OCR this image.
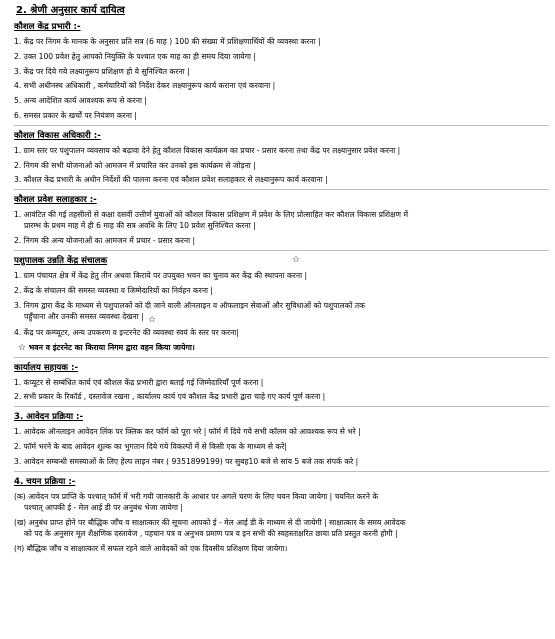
2. श्रेणी अनुसार कार्य दायित्व
कौशल केंद्र प्रभारी :-
1. केंद्र पर निगम के मानक के अनुसार प्रति सत्र (6 माह ) 100 की संख्या में प्रशिक्षणार्थियों की व्यवस्था करना |
2. उक्त 100 प्रवेश हेतु आपको नियुक्ति के पश्चात एक माह का ही समय दिया जायेगा |
3. केंद्र पर दिये गये लक्ष्यानुरूप प्रशिक्षण हो ये सुनिश्चित करना |
4. सभी अधीनस्थ अधिकारी , कर्मचारियों को निर्देश देकर लक्ष्यानुरूप कार्य कराना एवं करवाना |
5. अन्य आदेशित कार्य आवश्यक रूप से करना |
6. समस्त प्रकार के खर्चों पर नियंत्रण करना |
कौशल विकास अधिकारी :-
1. ग्राम स्तर पर पशुपालन व्यवसाय को बढ़ावा देने हेतु कौशल विकास कार्यक्रम का प्रचार - प्रसार करना तथा केंद्र पर लक्ष्यानुसार प्रवेश करना |
2. निगम की सभी योजनाओं को आमजन में प्रचारित कर उनको इस कार्यक्रम से जोड़ना |
3. कौशल केंद्र प्रभारी के अधीन निर्देशों की पालना करना एवं कौशल प्रवेश सलाहकार से लक्ष्यानुरूप कार्य करवाना |
कौशल प्रवेश सलाहकार :-
1. आवंटित की गई तहसीलों से कक्षा दसवीं उत्तीर्ण युवाओं को कौशल विकास प्रशिक्षण में प्रवेश के लिए प्रोत्साहित कर कौशल विकास प्रशिक्षण में
प्रारम्भ के प्रथम माह में ही 6 माह की सत्र अवधि के लिए 10 प्रवेश सुनिश्चित करना |
2. निगम की अन्य योजनाओं का आमजन में प्रचार - प्रसार करना |
पशुपालक उन्नति केंद्र संचालक	☆
1. ग्राम पंचायत क्षेत्र में केंद्र हेतु तीन अथवा किराये पर उपयुक्त भवन का चुनाव कर केंद्र की स्थापना करना |
2. केंद्र के संचालन की समस्त व्यवस्था व जिम्मेदारियों का निर्वहन करना |
3. निगम द्वारा केंद्र के माध्यम से पशुपालकों को दी जाने वाली ऑनलाइन व ऑफलाइन सेवाओं और सुविधाओं को पशुपालकों तक
पहुँचाना और उनकी समस्त व्यवस्था देखना | ☆
4. केंद्र पर कम्प्यूटर, अन्य उपकरण व इन्टरनेट की व्यवस्था स्वयं के स्तर पर करना|
☆ भवन व इंटरनेट का किराया निगम द्वारा वहन किया जायेगा।
कार्यालय सहायक :-
1. कंप्यूटर से सम्बंधित कार्य एवं कौशल केंद्र प्रभारी द्वारा बताई गई जिम्मेदारियाँ पूर्ण करना |
2. सभी प्रकार के रिकॉर्ड , दस्तावेज रखना , कार्यालय कार्य एवं कौशल केंद्र प्रभारी द्वारा चाहे गए कार्य पूर्ण करना |
3. आवेदन प्रक्रिया :-
1. आवेदक ऑनलाइन आवेदन लिंक पर क्लिक कर फॉर्म को पूरा भरे | फॉर्म में दिये गये सभी कॉलम को आवश्यक रूप से भरे |
2. फॉर्म भरने के बाद आवेदन शुल्क का भुगतान दिये गये विकल्पों में से किसी एक के माध्यम से करें|
3. आवेदन सम्बन्धी समस्याओं के लिए हेल्प लाइन नंबर ( 9351899199) पर सुबह10 बजे से सांय 5 बजे तक संपर्क करे |
4. चयन प्रक्रिया :-
(क) आवेदन पत्र प्राप्ति के पश्चात् फॉर्म में भरी गयी जानकारी के आधार पर अगले चरण के लिए चयन किया जायेगा | चयनित करने के
पश्चात् आपकी ई - मेल आई डी पर अनुबंध भेजा जायेगा |
(ख) अनुबंध प्राप्त होने पर बौद्धिक जाँच व साक्षात्कार की सूचना आपको ई - मेल आई डी के माध्यम से दी जायेगी | साक्षात्कार के समय आवेदक
को पद के अनुसार मूल शैक्षणिक दस्तावेज , पहचान पत्र व अनुभव प्रमाण पत्र व इन सभी की स्वहस्ताक्षरित छाया प्रति प्रस्तुत करनी होगी |
(ग) बौद्धिक जाँच व साक्षात्कार में सफल रहने वाले आवेदकों को एक दिवसीय प्रशिक्षण दिया जायेगा।
